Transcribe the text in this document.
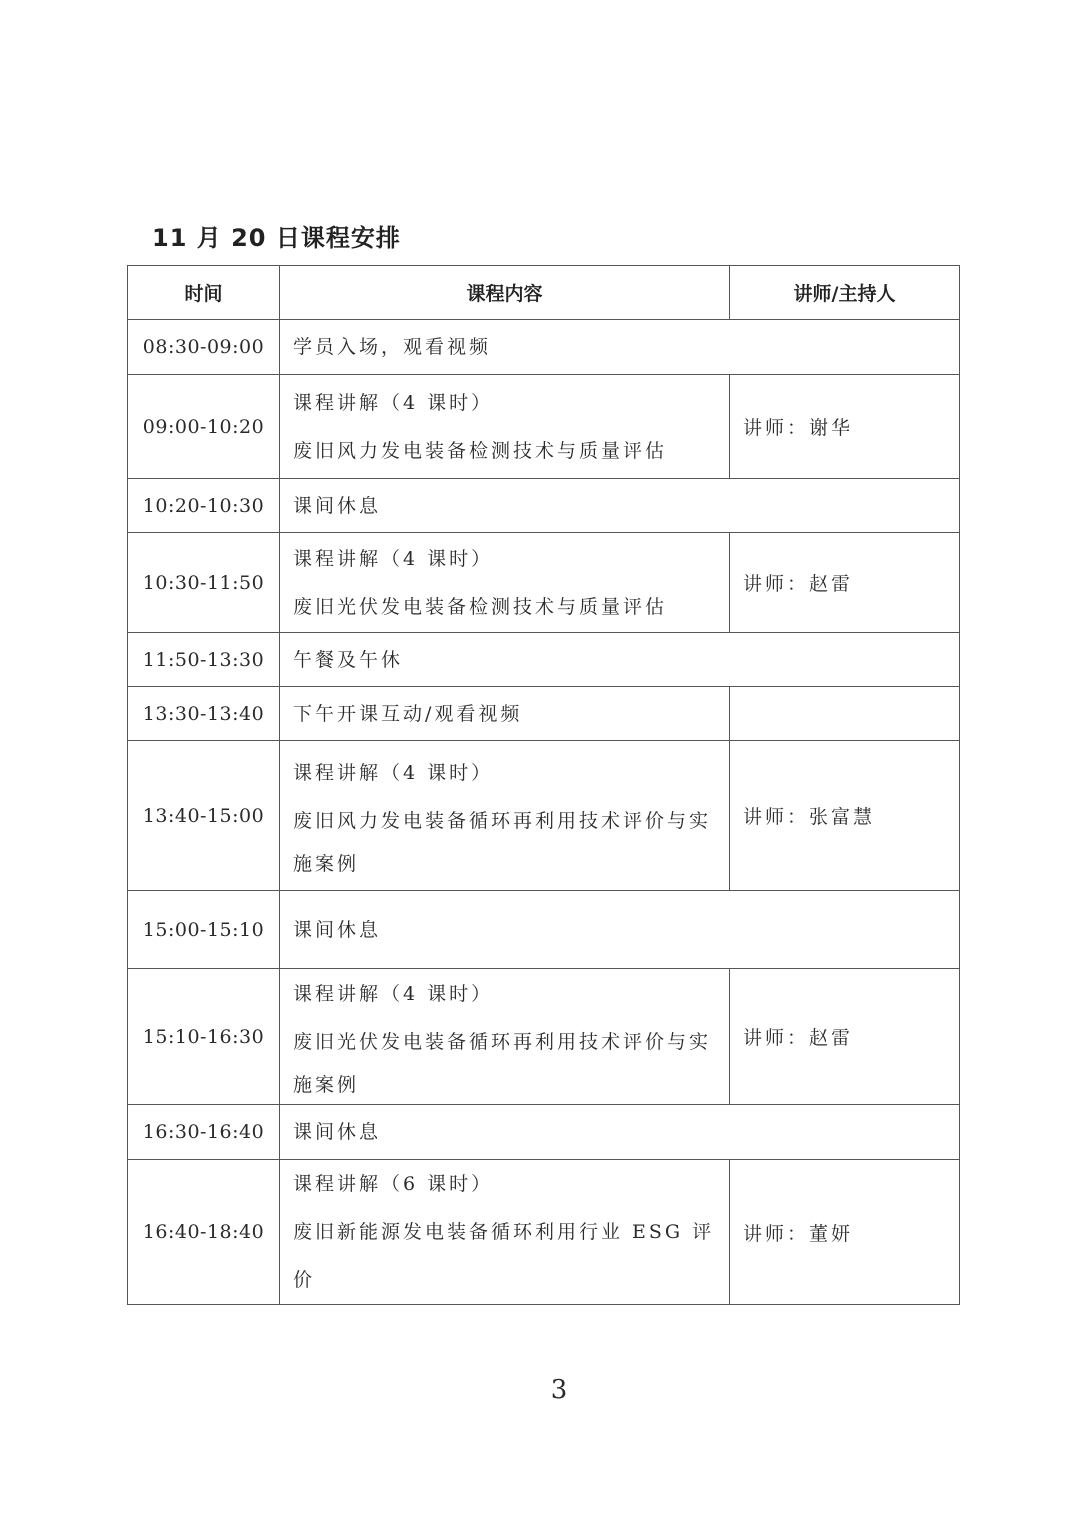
11 月 20 日课程安排
时间	课程内容	讲师/主持人
08:30-09:00	学员入场，观看视频	

09:00-10:20	课程讲解（4 课时）
废旧风力发电装备检测技术与质量评估	讲师：谢华
10:20-10:30	课间休息	

10:30-11:50	课程讲解（4 课时）
废旧光伏发电装备检测技术与质量评估	讲师：赵雷
11:50-13:30	午餐及午休	

13:30-13:40	下午开课互动/观看视频	

13:40-15:00	课程讲解（4 课时）
废旧风力发电装备循环再利用技术评价与实
施案例	讲师：张富慧
15:00-15:10	课间休息	

15:10-16:30	课程讲解（4 课时）
废旧光伏发电装备循环再利用技术评价与实
施案例	讲师：赵雷
16:30-16:40	课间休息	

16:40-18:40	课程讲解（6 课时）
废旧新能源发电装备循环利用行业 ESG 评价	讲师：董妍
3
